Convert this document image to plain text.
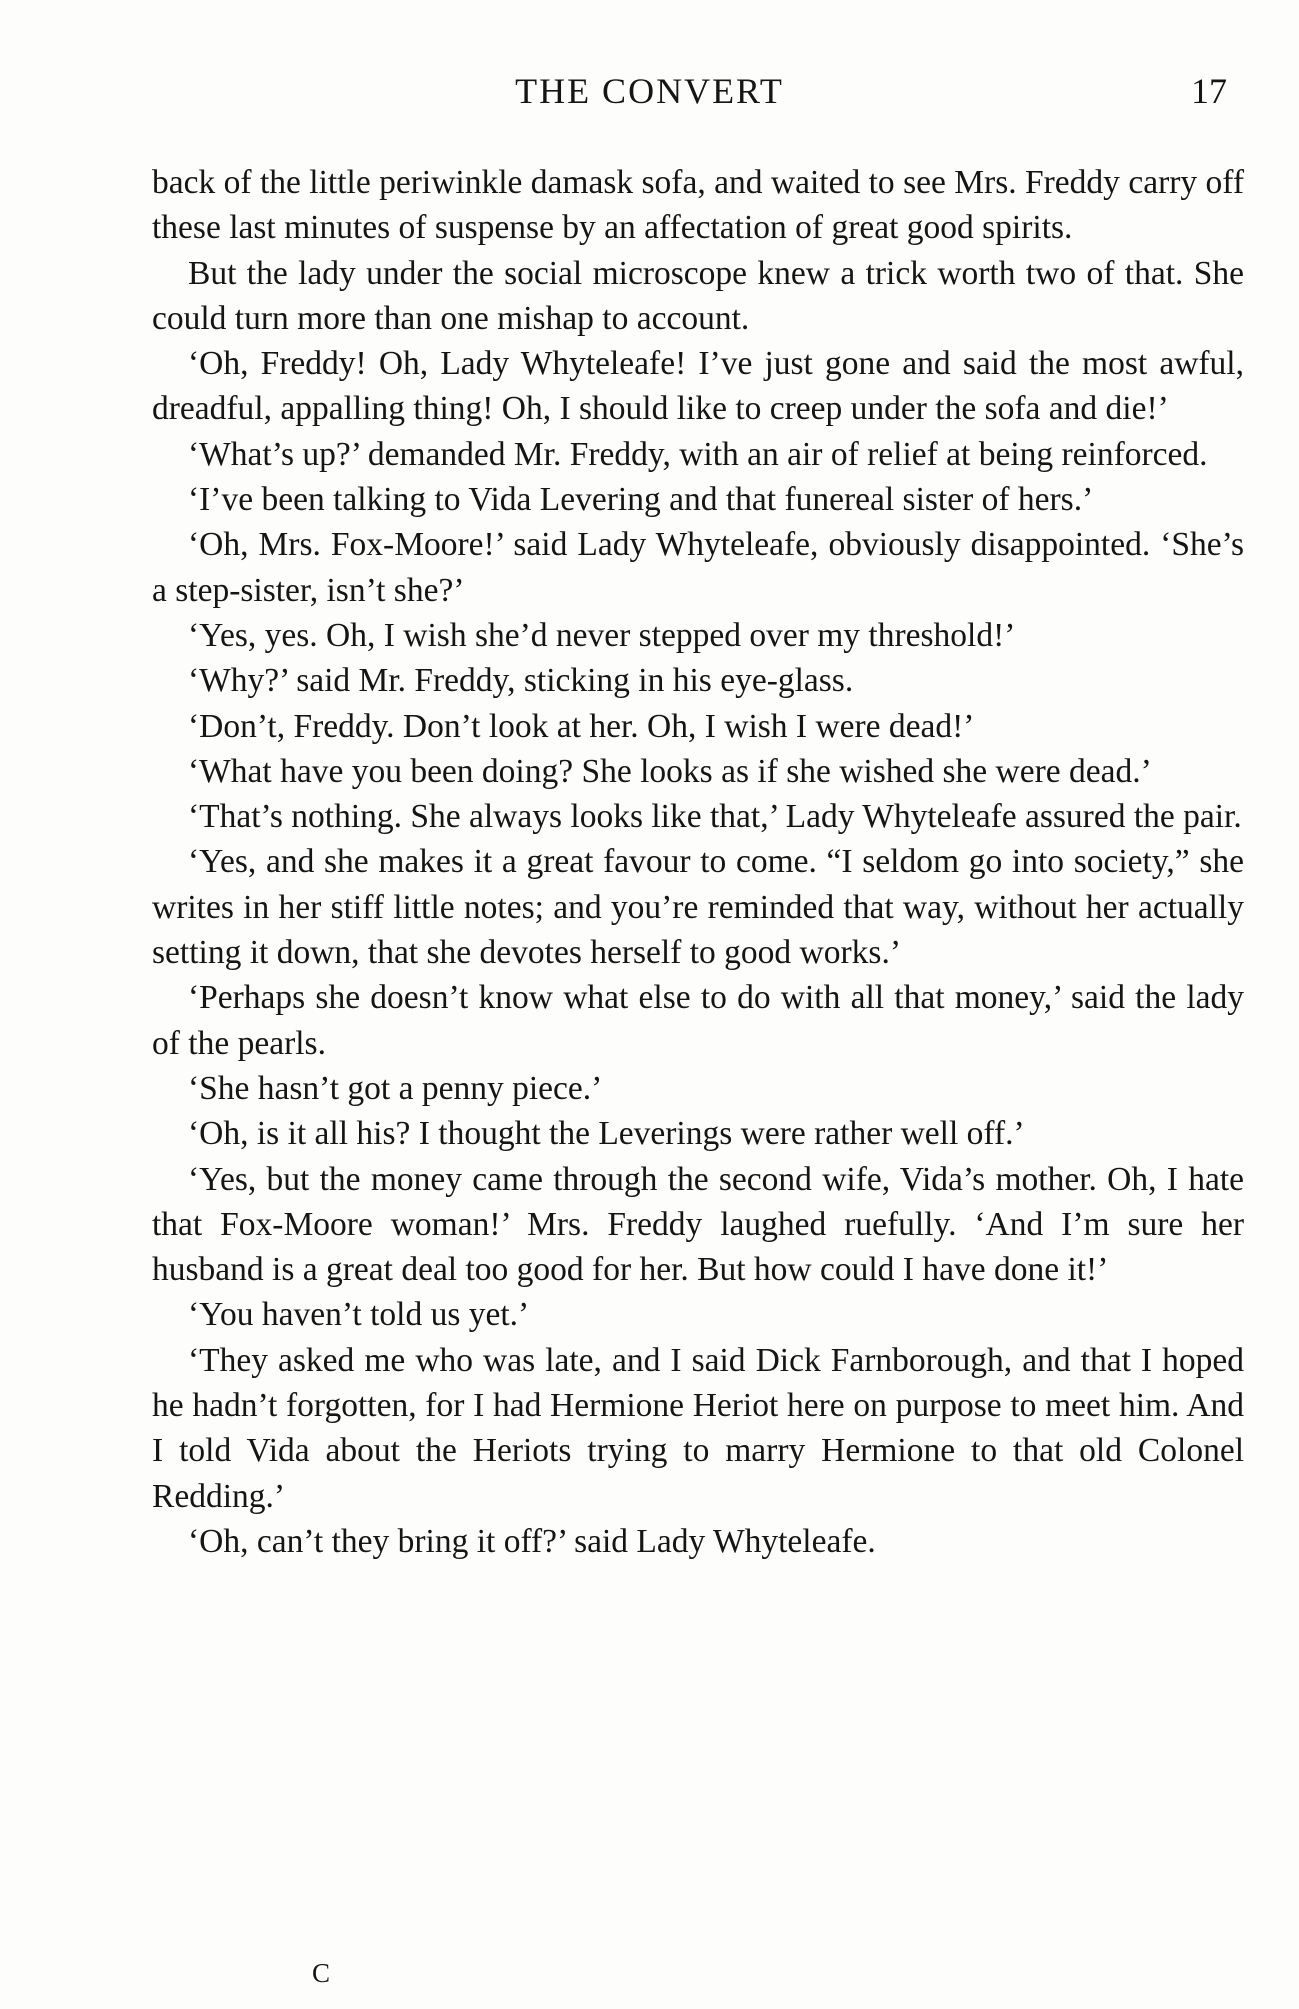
THE CONVERT	17

back of the little periwinkle damask sofa, and waited to see Mrs. Freddy carry off these last minutes of suspense by an affectation of great good spirits.

But the lady under the social microscope knew a trick worth two of that. She could turn more than one mishap to account.

‘Oh, Freddy! Oh, Lady Whyteleafe! I’ve just gone and said the most awful, dreadful, appalling thing! Oh, I should like to creep under the sofa and die!’

‘What’s up?’ demanded Mr. Freddy, with an air of relief at being reinforced.

‘I’ve been talking to Vida Levering and that funereal sister of hers.’

‘Oh, Mrs. Fox-Moore!’ said Lady Whyteleafe, obviously disappointed. ‘She’s a step-sister, isn’t she?’

‘Yes, yes. Oh, I wish she’d never stepped over my threshold!’

‘Why?’ said Mr. Freddy, sticking in his eye-glass.

‘Don’t, Freddy. Don’t look at her. Oh, I wish I were dead!’

‘What have you been doing? She looks as if she wished she were dead.’

‘That’s nothing. She always looks like that,’ Lady Whyteleafe assured the pair.

‘Yes, and she makes it a great favour to come. “I seldom go into society,” she writes in her stiff little notes; and you’re reminded that way, without her actually setting it down, that she devotes herself to good works.’

‘Perhaps she doesn’t know what else to do with all that money,’ said the lady of the pearls.

‘She hasn’t got a penny piece.’

‘Oh, is it all his? I thought the Leverings were rather well off.’

‘Yes, but the money came through the second wife, Vida’s mother. Oh, I hate that Fox-Moore woman!’ Mrs. Freddy laughed ruefully. ‘And I’m sure her husband is a great deal too good for her. But how could I have done it!’

‘You haven’t told us yet.’

‘They asked me who was late, and I said Dick Farnborough, and that I hoped he hadn’t forgotten, for I had Hermione Heriot here on purpose to meet him. And I told Vida about the Heriots trying to marry Hermione to that old Colonel Redding.’

‘Oh, can’t they bring it off?’ said Lady Whyteleafe.

C
